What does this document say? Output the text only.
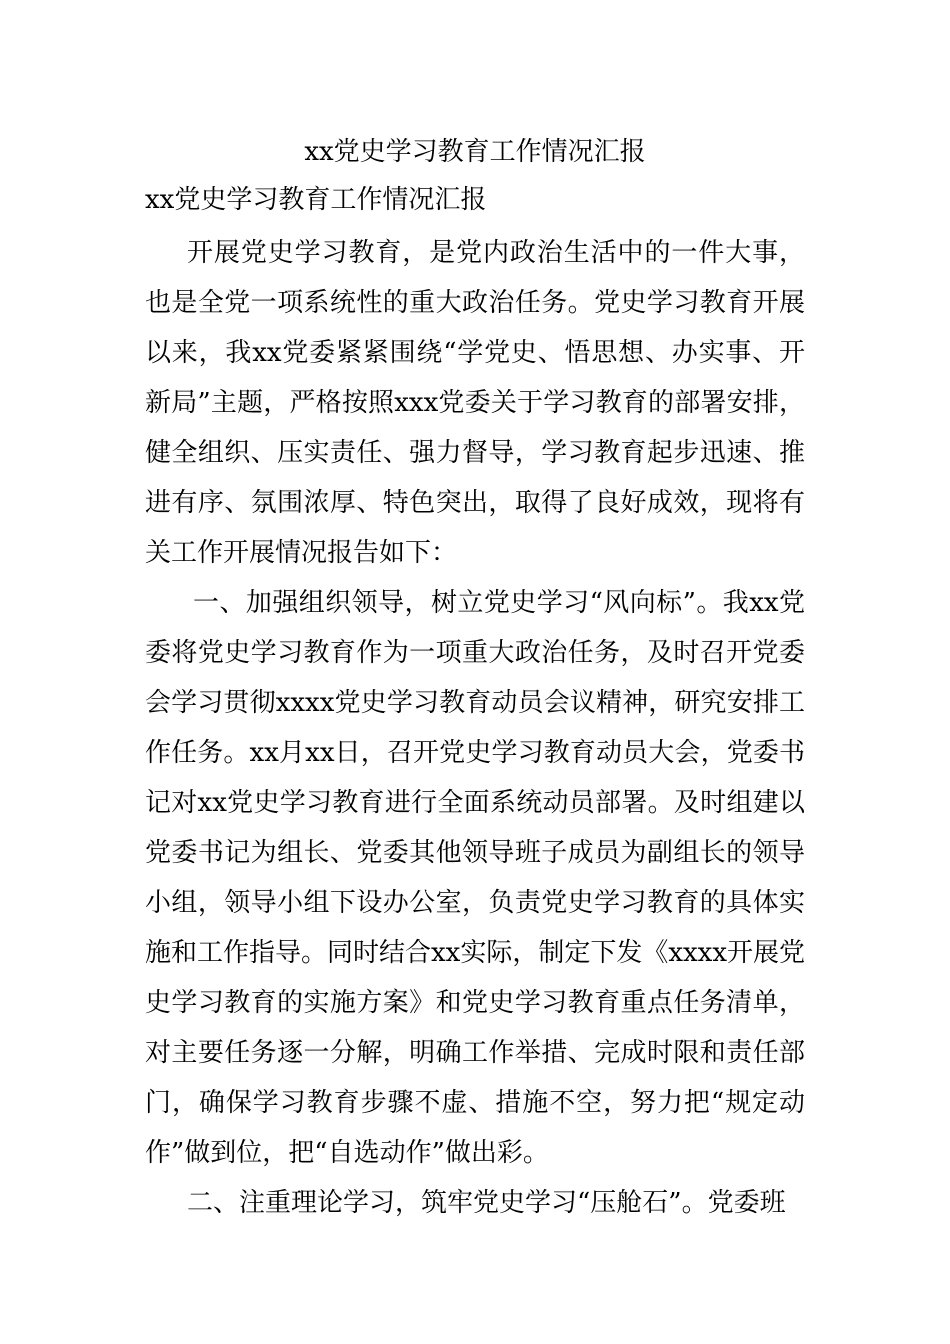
xx党史学习教育工作情况汇报
xx党史学习教育工作情况汇报

开展党史学习教育，是党内政治生活中的一件大事，也是全党一项系统性的重大政治任务。党史学习教育开展以来，我xx党委紧紧围绕“学党史、悟思想、办实事、开新局”主题，严格按照xxx党委关于学习教育的部署安排，健全组织、压实责任、强力督导，学习教育起步迅速、推进有序、氛围浓厚、特色突出，取得了良好成效，现将有关工作开展情况报告如下：

一、加强组织领导，树立党史学习“风向标”。我xx党委将党史学习教育作为一项重大政治任务，及时召开党委会学习贯彻xxxx党史学习教育动员会议精神，研究安排工作任务。xx月xx日，召开党史学习教育动员大会，党委书记对xx党史学习教育进行全面系统动员部署。及时组建以党委书记为组长、党委其他领导班子成员为副组长的领导小组，领导小组下设办公室，负责党史学习教育的具体实施和工作指导。同时结合xx实际，制定下发《xxxx开展党史学习教育的实施方案》和党史学习教育重点任务清单，对主要任务逐一分解，明确工作举措、完成时限和责任部门，确保学习教育步骤不虚、措施不空，努力把“规定动作”做到位，把“自选动作”做出彩。

二、注重理论学习，筑牢党史学习“压舱石”。党委班
